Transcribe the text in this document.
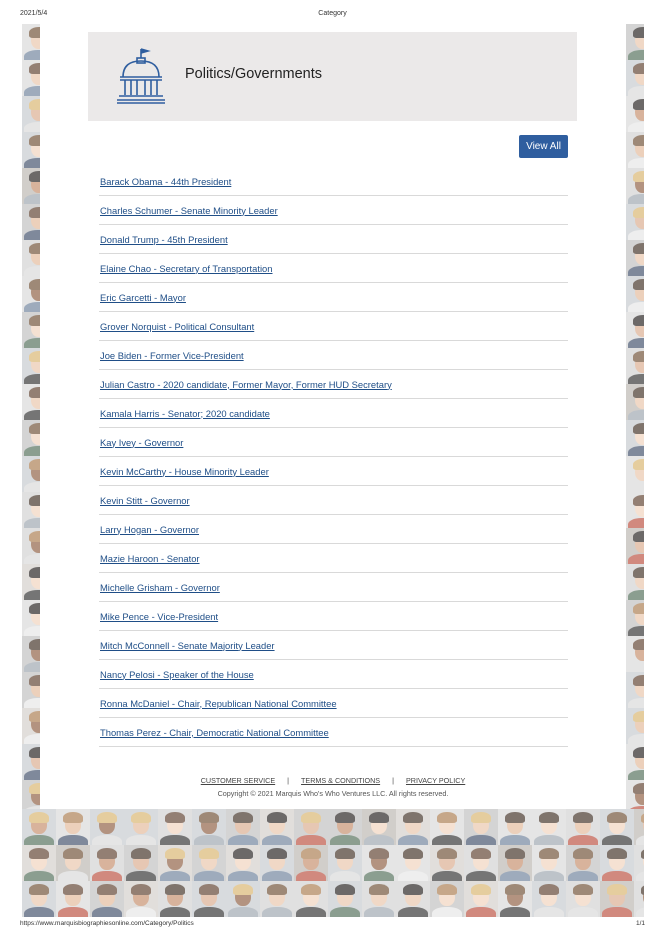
2021/5/4	Category
Politics/Governments
View All
Barack Obama - 44th President
Charles Schumer - Senate Minority Leader
Donald Trump - 45th President
Elaine Chao - Secretary of Transportation
Eric Garcetti - Mayor
Grover Norquist - Political Consultant
Joe Biden - Former Vice-President
Julian Castro - 2020 candidate, Former Mayor, Former HUD Secretary
Kamala Harris - Senator; 2020 candidate
Kay Ivey - Governor
Kevin McCarthy - House Minority Leader
Kevin Stitt - Governor
Larry Hogan - Governor
Mazie Haroon - Senator
Michelle Grisham - Governor
Mike Pence - Vice-President
Mitch McConnell - Senate Majority Leader
Nancy Pelosi - Speaker of the House
Ronna McDaniel - Chair, Republican National Committee
Thomas Perez - Chair, Democratic National Committee
CUSTOMER SERVICE	|	TERMS & CONDITIONS	|	PRIVACY POLICY
Copyright © 2021 Marquis Who's Who Ventures LLC. All rights reserved.
https://www.marquisbiographiesonline.com/Category/Politics	1/1
